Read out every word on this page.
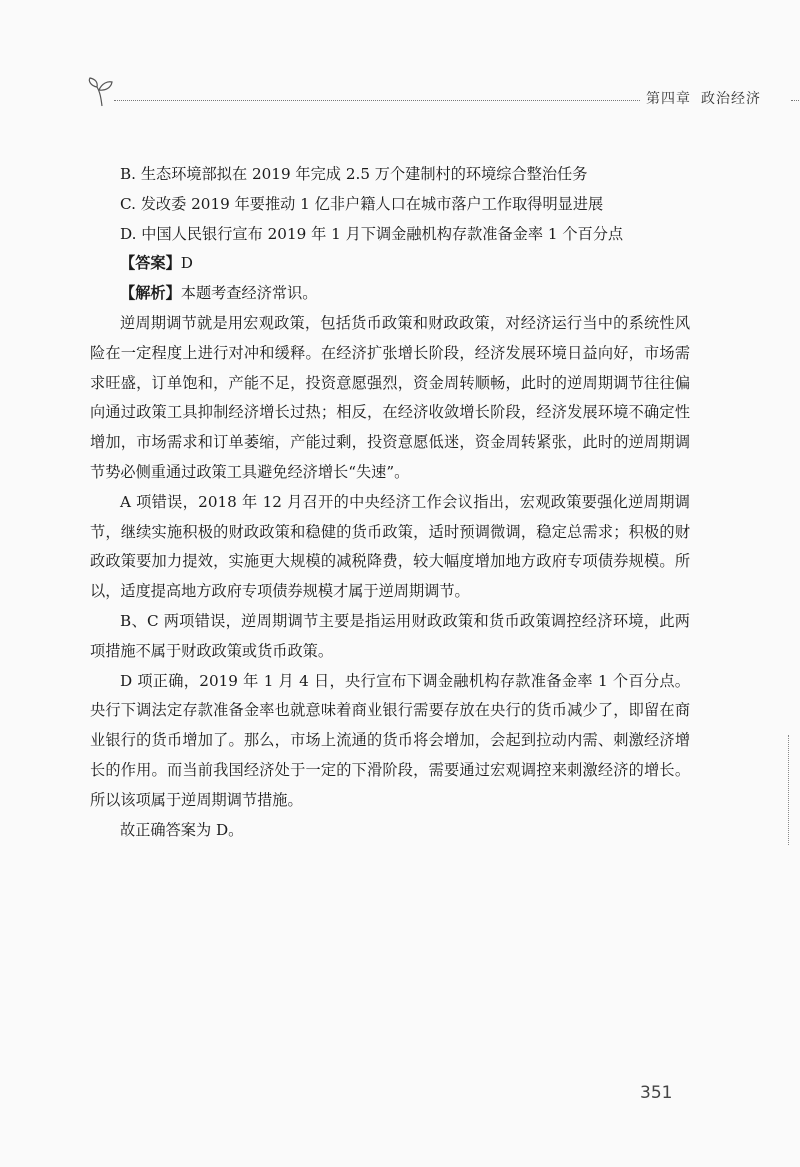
第四章 政治经济

B. 生态环境部拟在 2019 年完成 2.5 万个建制村的环境综合整治任务

C. 发改委 2019 年要推动 1 亿非户籍人口在城市落户工作取得明显进展

D. 中国人民银行宣布 2019 年 1 月下调金融机构存款准备金率 1 个百分点

【答案】D

【解析】本题考查经济常识。

逆周期调节就是用宏观政策，包括货币政策和财政政策，对经济运行当中的系统性风险在一定程度上进行对冲和缓释。在经济扩张增长阶段，经济发展环境日益向好，市场需求旺盛，订单饱和，产能不足，投资意愿强烈，资金周转顺畅，此时的逆周期调节往往偏向通过政策工具抑制经济增长过热；相反，在经济收敛增长阶段，经济发展环境不确定性增加，市场需求和订单萎缩，产能过剩，投资意愿低迷，资金周转紧张，此时的逆周期调节势必侧重通过政策工具避免经济增长“失速”。

A 项错误，2018 年 12 月召开的中央经济工作会议指出，宏观政策要强化逆周期调节，继续实施积极的财政政策和稳健的货币政策，适时预调微调，稳定总需求；积极的财政政策要加力提效，实施更大规模的减税降费，较大幅度增加地方政府专项债券规模。所以，适度提高地方政府专项债券规模才属于逆周期调节。

B、C 两项错误，逆周期调节主要是指运用财政政策和货币政策调控经济环境，此两项措施不属于财政政策或货币政策。

D 项正确，2019 年 1 月 4 日，央行宣布下调金融机构存款准备金率 1 个百分点。央行下调法定存款准备金率也就意味着商业银行需要存放在央行的货币减少了，即留在商业银行的货币增加了。那么，市场上流通的货币将会增加，会起到拉动内需、刺激经济增长的作用。而当前我国经济处于一定的下滑阶段，需要通过宏观调控来刺激经济的增长。所以该项属于逆周期调节措施。

故正确答案为 D。

351
